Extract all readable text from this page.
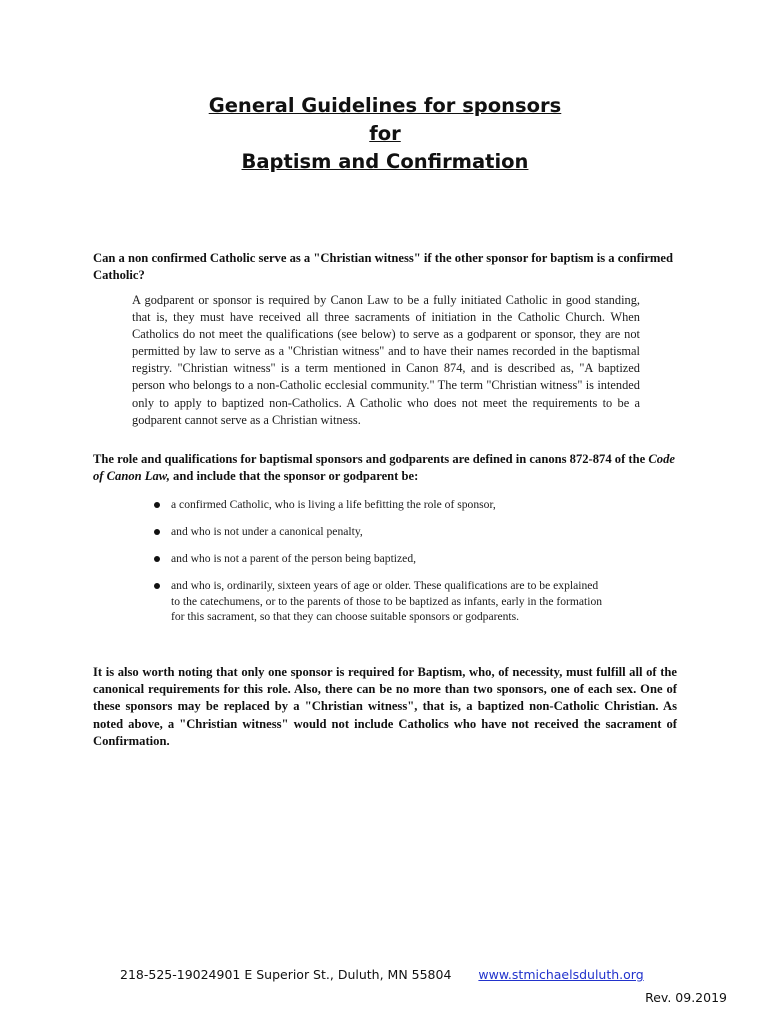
General Guidelines for sponsors
for
Baptism and Confirmation
Can a non confirmed Catholic serve as a "Christian witness" if the other sponsor for baptism is a confirmed Catholic?
A godparent or sponsor is required by Canon Law to be a fully initiated Catholic in good standing, that is, they must have received all three sacraments of initiation in the Catholic Church. When Catholics do not meet the qualifications (see below) to serve as a godparent or sponsor, they are not permitted by law to serve as a "Christian witness" and to have their names recorded in the baptismal registry. "Christian witness" is a term mentioned in Canon 874, and is described as, "A baptized person who belongs to a non-Catholic ecclesial community." The term "Christian witness" is intended only to apply to baptized non-Catholics. A Catholic who does not meet the requirements to be a godparent cannot serve as a Christian witness.
The role and qualifications for baptismal sponsors and godparents are defined in canons 872-874 of the Code of Canon Law, and include that the sponsor or godparent be:
a confirmed Catholic, who is living a life befitting the role of sponsor,
and who is not under a canonical penalty,
and who is not a parent of the person being baptized,
and who is, ordinarily, sixteen years of age or older. These qualifications are to be explained to the catechumens, or to the parents of those to be baptized as infants, early in the formation for this sacrament, so that they can choose suitable sponsors or godparents.
It is also worth noting that only one sponsor is required for Baptism, who, of necessity, must fulfill all of the canonical requirements for this role. Also, there can be no more than two sponsors, one of each sex. One of these sponsors may be replaced by a "Christian witness", that is, a baptized non-Catholic Christian. As noted above, a "Christian witness" would not include Catholics who have not received the sacrament of Confirmation.
218-525-19024901 E Superior St., Duluth, MN 55804 www.stmichaelsduluth.org
Rev. 09.2019
